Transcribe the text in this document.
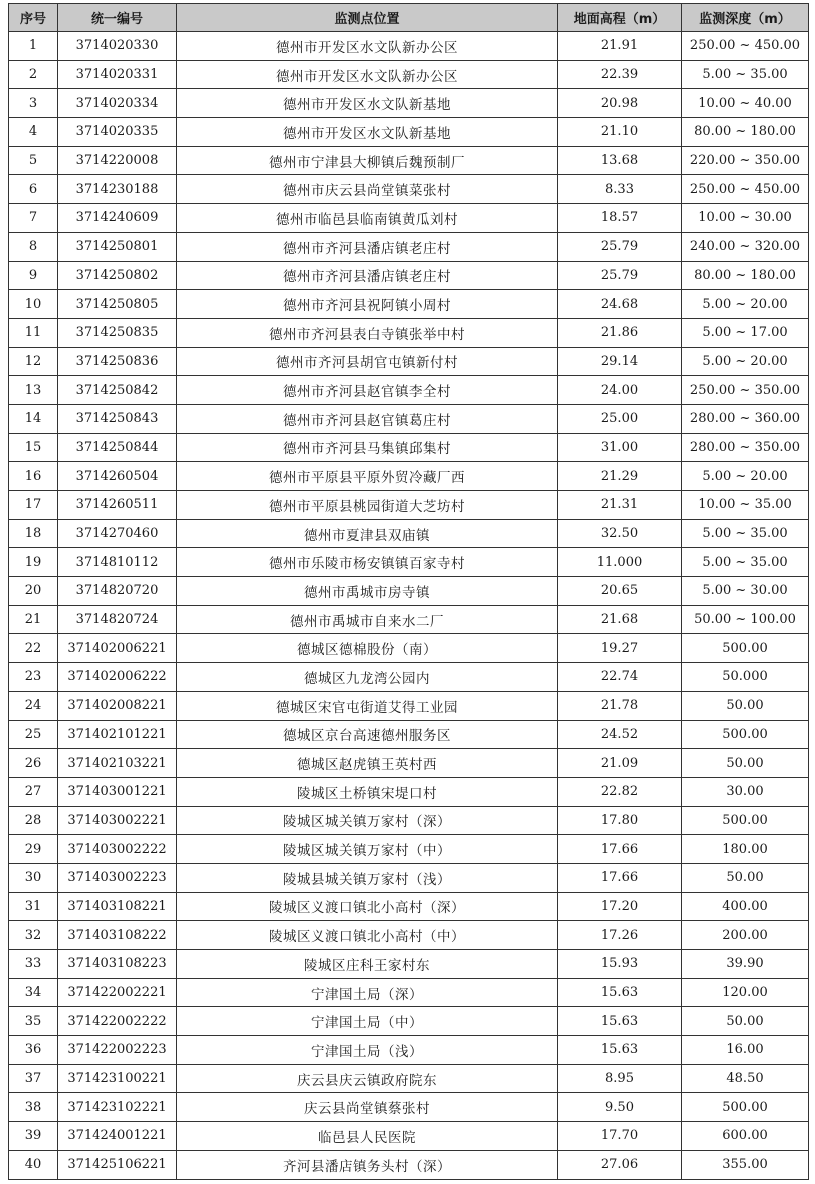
序号	统一编号	监测点位置	地面高程（m）	监测深度（m）
1	3714020330	德州市开发区水文队新办公区	21.91	250.00 ~ 450.00
2	3714020331	德州市开发区水文队新办公区	22.39	5.00 ~ 35.00
3	3714020334	德州市开发区水文队新基地	20.98	10.00 ~ 40.00
4	3714020335	德州市开发区水文队新基地	21.10	80.00 ~ 180.00
5	3714220008	德州市宁津县大柳镇后魏预制厂	13.68	220.00 ~ 350.00
6	3714230188	德州市庆云县尚堂镇菜张村	8.33	250.00 ~ 450.00
7	3714240609	德州市临邑县临南镇黄瓜刘村	18.57	10.00 ~ 30.00
8	3714250801	德州市齐河县潘店镇老庄村	25.79	240.00 ~ 320.00
9	3714250802	德州市齐河县潘店镇老庄村	25.79	80.00 ~ 180.00
10	3714250805	德州市齐河县祝阿镇小周村	24.68	5.00 ~ 20.00
11	3714250835	德州市齐河县表白寺镇张举中村	21.86	5.00 ~ 17.00
12	3714250836	德州市齐河县胡官屯镇新付村	29.14	5.00 ~ 20.00
13	3714250842	德州市齐河县赵官镇李全村	24.00	250.00 ~ 350.00
14	3714250843	德州市齐河县赵官镇葛庄村	25.00	280.00 ~ 360.00
15	3714250844	德州市齐河县马集镇邱集村	31.00	280.00 ~ 350.00
16	3714260504	德州市平原县平原外贸冷藏厂西	21.29	5.00 ~ 20.00
17	3714260511	德州市平原县桃园街道大芝坊村	21.31	10.00 ~ 35.00
18	3714270460	德州市夏津县双庙镇	32.50	5.00 ~ 35.00
19	3714810112	德州市乐陵市杨安镇镇百家寺村	11.000	5.00 ~ 35.00
20	3714820720	德州市禹城市房寺镇	20.65	5.00 ~ 30.00
21	3714820724	德州市禹城市自来水二厂	21.68	50.00 ~ 100.00
22	371402006221	德城区德棉股份（南）	19.27	500.00
23	371402006222	德城区九龙湾公园内	22.74	50.000
24	371402008221	德城区宋官屯街道艾得工业园	21.78	50.00
25	371402101221	德城区京台高速德州服务区	24.52	500.00
26	371402103221	德城区赵虎镇王英村西	21.09	50.00
27	371403001221	陵城区土桥镇宋堤口村	22.82	30.00
28	371403002221	陵城区城关镇万家村（深）	17.80	500.00
29	371403002222	陵城区城关镇万家村（中）	17.66	180.00
30	371403002223	陵城县城关镇万家村（浅）	17.66	50.00
31	371403108221	陵城区义渡口镇北小高村（深）	17.20	400.00
32	371403108222	陵城区义渡口镇北小高村（中）	17.26	200.00
33	371403108223	陵城区庄科王家村东	15.93	39.90
34	371422002221	宁津国土局（深）	15.63	120.00
35	371422002222	宁津国土局（中）	15.63	50.00
36	371422002223	宁津国土局（浅）	15.63	16.00
37	371423100221	庆云县庆云镇政府院东	8.95	48.50
38	371423102221	庆云县尚堂镇蔡张村	9.50	500.00
39	371424001221	临邑县人民医院	17.70	600.00
40	371425106221	齐河县潘店镇务头村（深）	27.06	355.00
